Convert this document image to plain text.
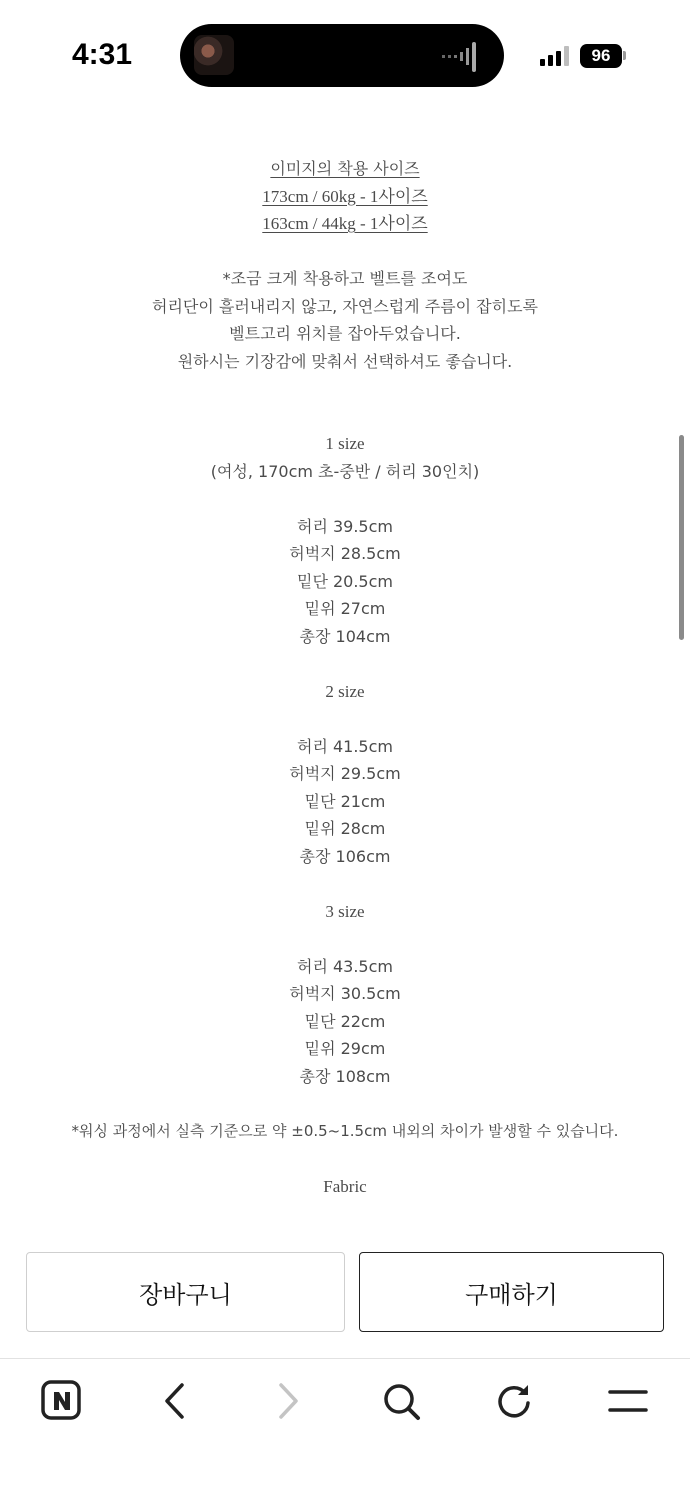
4:31	96
이미지의 착용 사이즈
173cm / 60kg - 1사이즈
163cm / 44kg - 1사이즈
*조금 크게 착용하고 벨트를 조여도
허리단이 흘러내리지 않고, 자연스럽게 주름이 잡히도록
벨트고리 위치를 잡아두었습니다.
원하시는 기장감에 맞춰서 선택하셔도 좋습니다.
1 size
(여성, 170cm 초-중반 / 허리 30인치)
허리 39.5cm
허벅지 28.5cm
밑단 20.5cm
밑위 27cm
총장 104cm
2 size
허리 41.5cm
허벅지 29.5cm
밑단 21cm
밑위 28cm
총장 106cm
3 size
허리 43.5cm
허벅지 30.5cm
밑단 22cm
밑위 29cm
총장 108cm
*워싱 과정에서 실측 기준으로 약 ±0.5~1.5cm 내외의 차이가 발생할 수 있습니다.
Fabric
장바구니	구매하기
